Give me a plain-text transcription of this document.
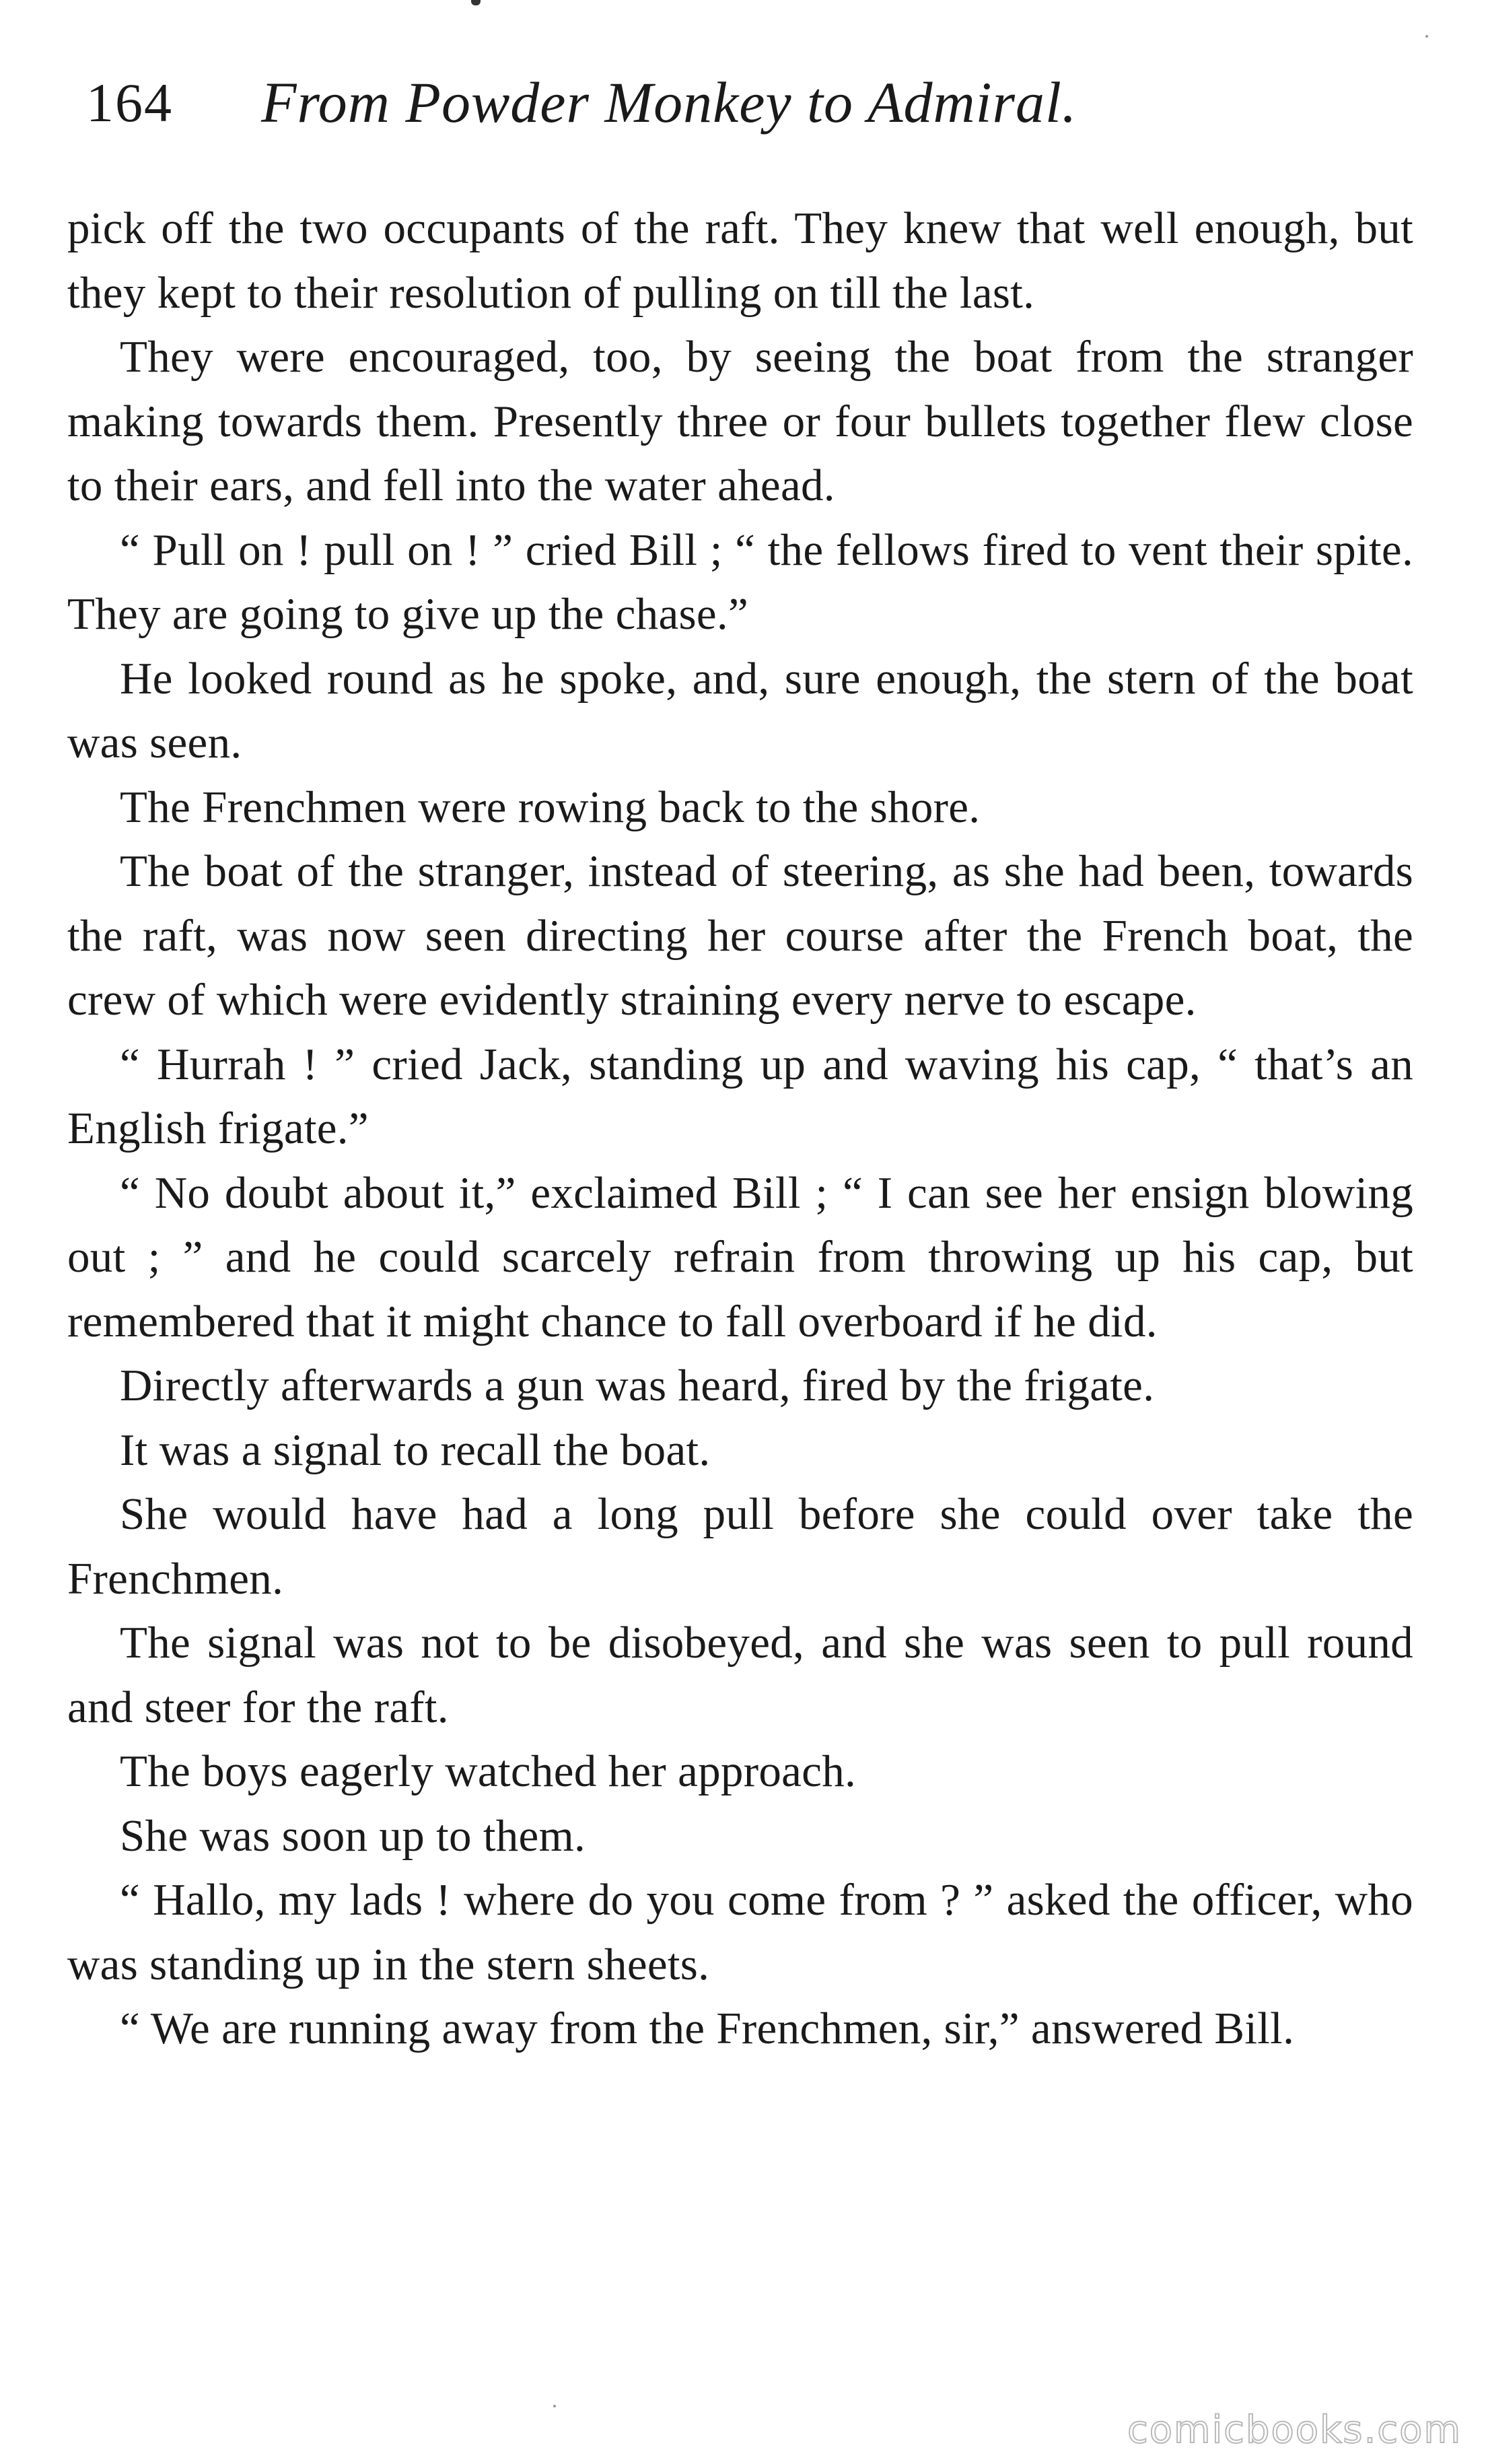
164 From Powder Monkey to Admiral.

pick off the two occupants of the raft. They knew that well enough, but they kept to their resolution of pulling on till the last.

They were encouraged, too, by seeing the boat from the stranger making towards them. Presently three or four bullets together flew close to their ears, and fell into the water ahead.

“ Pull on ! pull on ! ” cried Bill ; “ the fellows fired to vent their spite. They are going to give up the chase.”

He looked round as he spoke, and, sure enough, the stern of the boat was seen.

The Frenchmen were rowing back to the shore.

The boat of the stranger, instead of steering, as she had been, towards the raft, was now seen directing her course after the French boat, the crew of which were evidently straining every nerve to escape.

“ Hurrah ! ” cried Jack, standing up and waving his cap, “ that’s an English frigate.”

“ No doubt about it,” exclaimed Bill ; “ I can see her ensign blowing out ; ” and he could scarcely refrain from throwing up his cap, but remembered that it might chance to fall overboard if he did.

Directly afterwards a gun was heard, fired by the frigate.

It was a signal to recall the boat.

She would have had a long pull before she could over take the Frenchmen.

The signal was not to be disobeyed, and she was seen to pull round and steer for the raft.

The boys eagerly watched her approach.

She was soon up to them.

“ Hallo, my lads ! where do you come from ? ” asked the officer, who was standing up in the stern sheets.

“ We are running away from the Frenchmen, sir,” answered Bill.

comicbooks.com
